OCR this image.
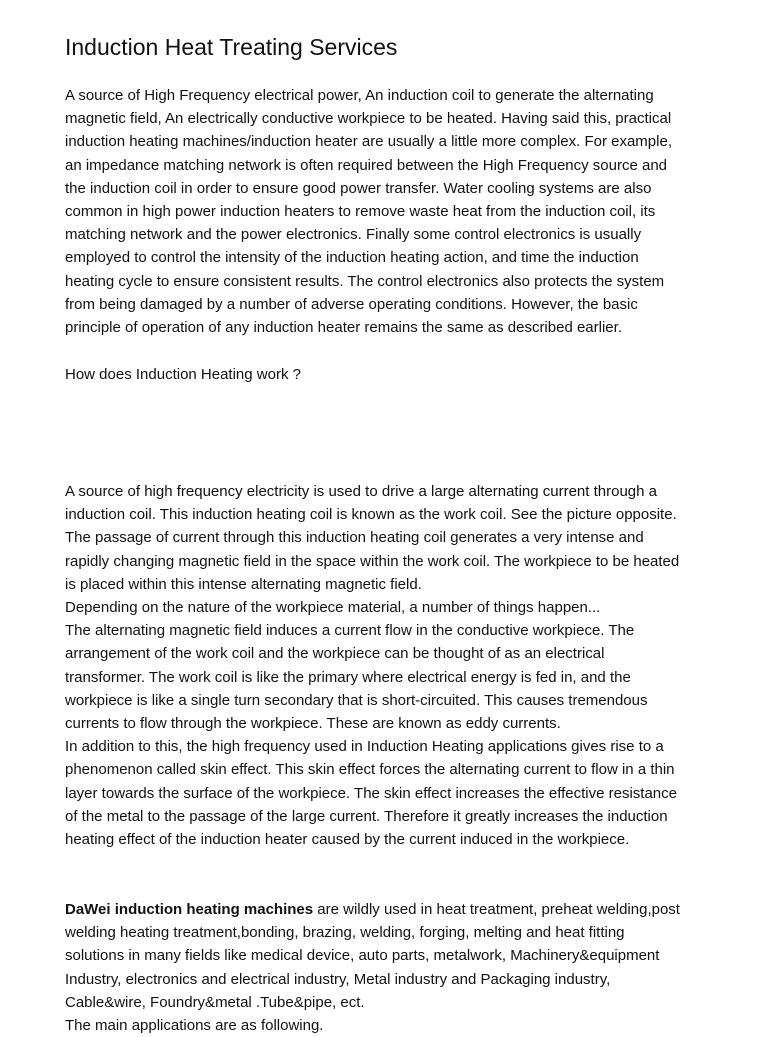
Induction Heat Treating Services

A source of High Frequency electrical power, An induction coil to generate the alternating
magnetic field, An electrically conductive workpiece to be heated. Having said this, practical
induction heating machines/induction heater are usually a little more complex. For example,
an impedance matching network is often required between the High Frequency source and
the induction coil in order to ensure good power transfer. Water cooling systems are also
common in high power induction heaters to remove waste heat from the induction coil, its
matching network and the power electronics. Finally some control electronics is usually
employed to control the intensity of the induction heating action, and time the induction
heating cycle to ensure consistent results. The control electronics also protects the system
from being damaged by a number of adverse operating conditions. However, the basic
principle of operation of any induction heater remains the same as described earlier.

How does Induction Heating work ?

A source of high frequency electricity is used to drive a large alternating current through a
induction coil. This induction heating coil is known as the work coil. See the picture opposite.
The passage of current through this induction heating coil generates a very intense and
rapidly changing magnetic field in the space within the work coil. The workpiece to be heated
is placed within this intense alternating magnetic field.
Depending on the nature of the workpiece material, a number of things happen...
The alternating magnetic field induces a current flow in the conductive workpiece. The
arrangement of the work coil and the workpiece can be thought of as an electrical
transformer. The work coil is like the primary where electrical energy is fed in, and the
workpiece is like a single turn secondary that is short-circuited. This causes tremendous
currents to flow through the workpiece. These are known as eddy currents.
In addition to this, the high frequency used in Induction Heating applications gives rise to a
phenomenon called skin effect. This skin effect forces the alternating current to flow in a thin
layer towards the surface of the workpiece. The skin effect increases the effective resistance
of the metal to the passage of the large current. Therefore it greatly increases the induction
heating effect of the induction heater caused by the current induced in the workpiece.

DaWei induction heating machines are wildly used in heat treatment, preheat welding,post
welding heating treatment,bonding, brazing, welding, forging, melting and heat fitting
solutions in many fields like medical device, auto parts, metalwork, Machinery&equipment
Industry, electronics and electrical industry, Metal industry and Packaging industry,
Cable&wire, Foundry&metal .Tube&pipe, ect.
The main applications are as following.
